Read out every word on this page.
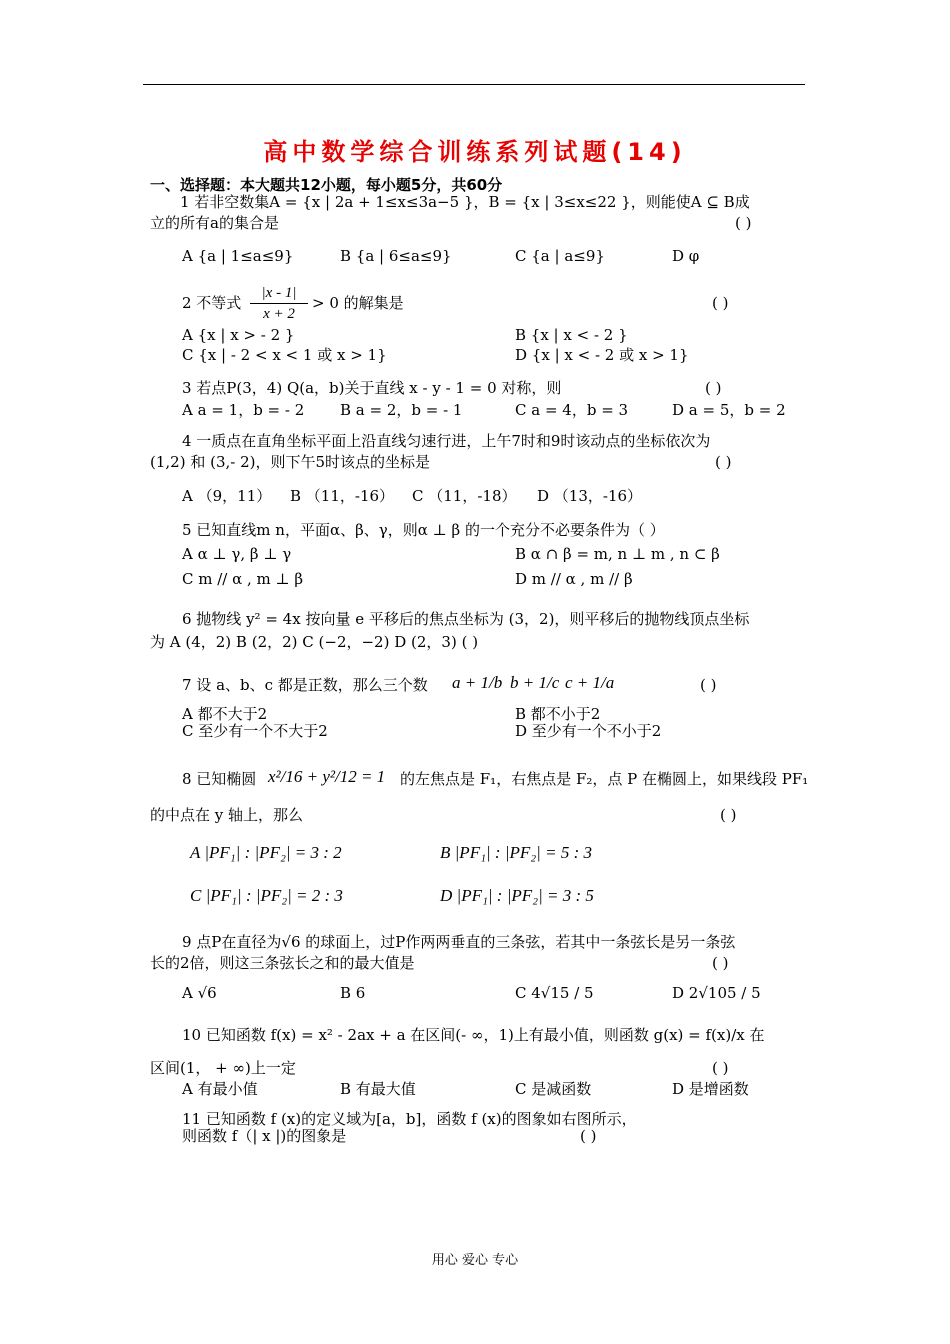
高中数学综合训练系列试题(14)
一、选择题：本大题共12小题，每小题5分，共60分
1 若非空数集A = {x | 2a + 1≤x≤3a−5 }，B = {x | 3≤x≤22 }，则能使A ⊆ B成
立的所有a的集合是	( )
A {a | 1≤a≤9}	B {a | 6≤a≤9}	C {a | a≤9}	D φ
2 不等式 $\frac{|x - 1|}{x + 2} > 0$ 的解集是	( )
A {x | x > - 2 }	B {x | x < - 2 }
C {x | - 2 < x < 1 或 x > 1}	D {x | x < - 2 或 x > 1}
3 若点P(3，4) Q(a，b)关于直线 x - y - 1 = 0 对称，则	( )
A a = 1，b = - 2 B a = 2，b = - 1	C a = 4，b = 3	D a = 5，b = 2
4 一质点在直角坐标平面上沿直线匀速行进，上午7时和9时该动点的坐标依次为
(1,2) 和 (3,- 2)，则下午5时该点的坐标是	( )
A （9，11） B （11，-16） C （11，-18） D （13，-16）
5 已知直线m n，平面α、β、γ，则α ⊥ β 的一个充分不必要条件为（ ）
A α ⊥ γ, β ⊥ γ	B α ∩ β = m, n ⊥ m , n ⊂ β
C m // α , m ⊥ β	D m // α , m // β
6 抛物线 y² = 4x 按向量 e 平移后的焦点坐标为 (3，2)，则平移后的抛物线顶点坐标
为 A (4，2) B (2，2) C (−2，−2) D (2，3) ( )
7 设 a、b、c 都是正数，那么三个数 a + 1/b b + 1/c c + 1/a	( )
A 都不大于2	B 都不小于2
C 至少有一个不大于2	D 至少有一个不小于2
8 已知椭圆 x²/16 + y²/12 = 1 的左焦点是 F₁，右焦点是 F₂，点 P 在椭圆上，如果线段 PF₁
的中点在 y 轴上，那么	( )
A |PF₁| : |PF₂| = 3 : 2	B |PF₁| : |PF₂| = 5 : 3
C |PF₁| : |PF₂| = 2 : 3	D |PF₁| : |PF₂| = 3 : 5
9 点P在直径为√6 的球面上，过P作两两垂直的三条弦，若其中一条弦长是另一条弦
长的2倍，则这三条弦长之和的最大值是	( )
A √6	B 6	C 4√15 / 5	D 2√105 / 5
10 已知函数 f(x) = x² - 2ax + a 在区间(- ∞，1)上有最小值，则函数 g(x) = f(x)/x 在
区间(1， + ∞)上一定	( )
A 有最小值	B 有最大值	C 是减函数	D 是增函数
11 已知函数 f (x)的定义域为[a，b]，函数 f (x)的图象如右图所示，
则函数 f（| x |)的图象是	( )
用心 爱心 专心
